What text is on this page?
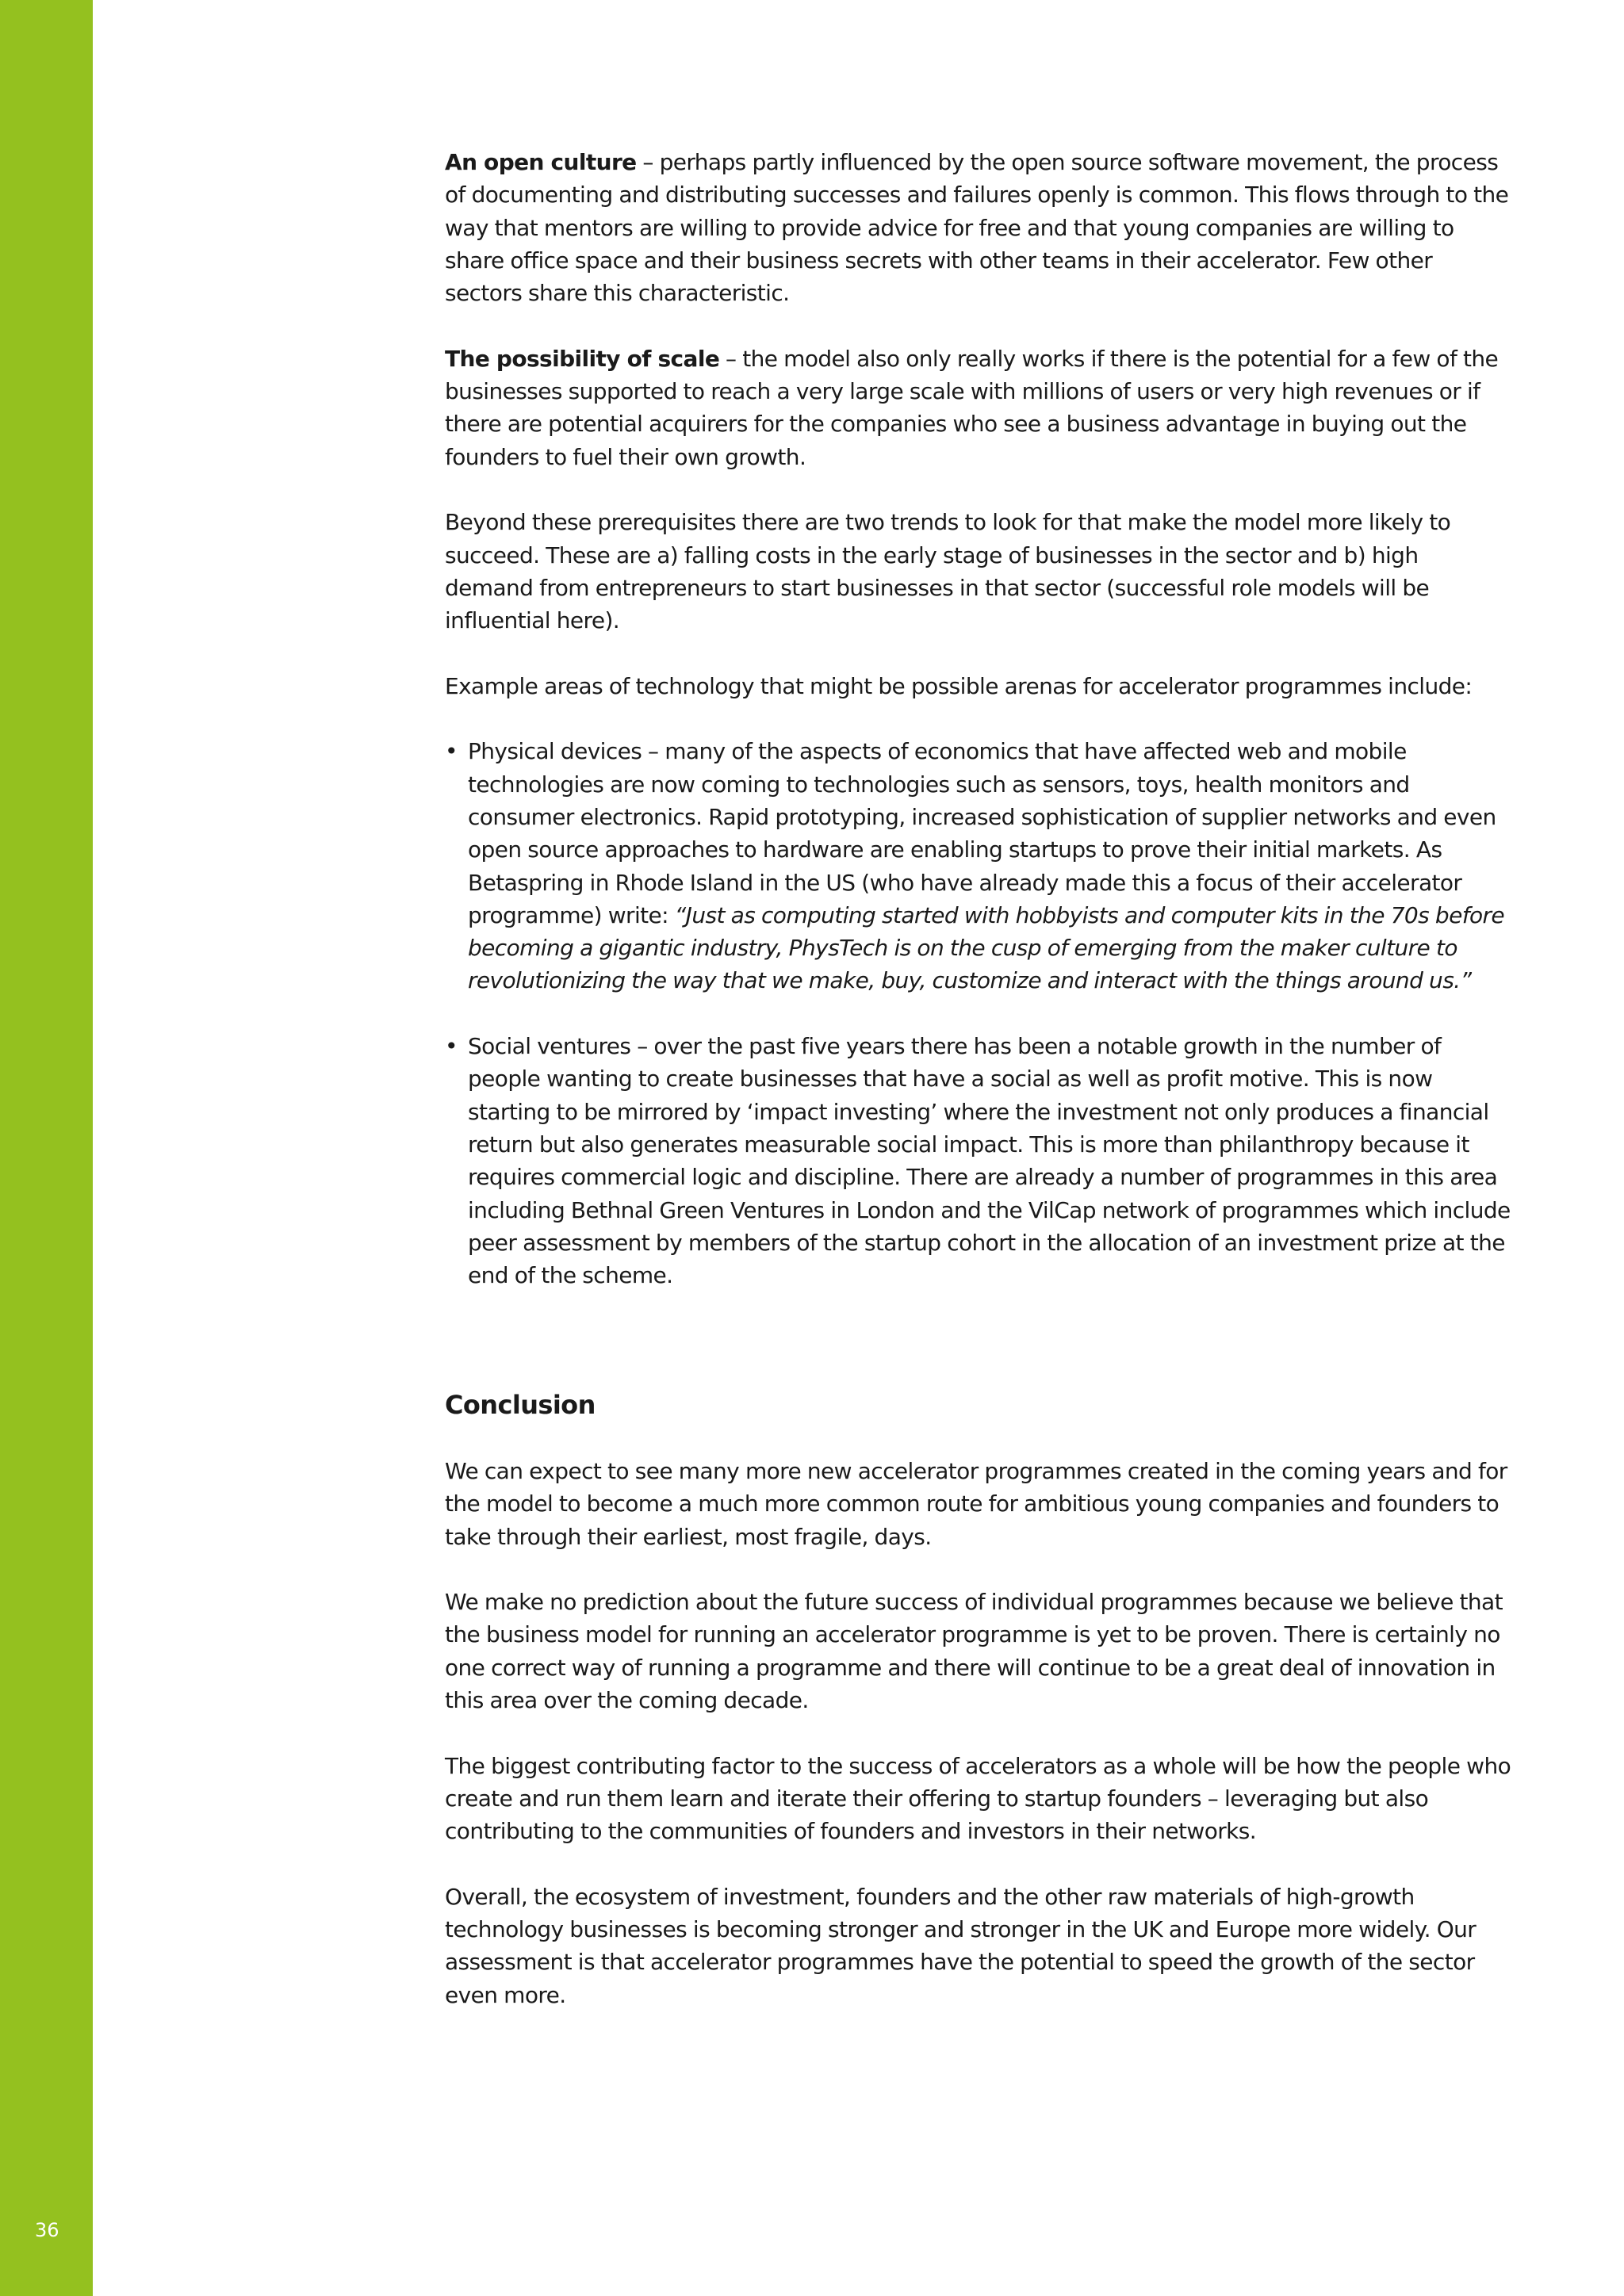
36

An open culture – perhaps partly influenced by the open source software movement, the process of documenting and distributing successes and failures openly is common. This flows through to the way that mentors are willing to provide advice for free and that young companies are willing to share office space and their business secrets with other teams in their accelerator. Few other sectors share this characteristic.

The possibility of scale – the model also only really works if there is the potential for a few of the businesses supported to reach a very large scale with millions of users or very high revenues or if there are potential acquirers for the companies who see a business advantage in buying out the founders to fuel their own growth.

Beyond these prerequisites there are two trends to look for that make the model more likely to succeed. These are a) falling costs in the early stage of businesses in the sector and b) high demand from entrepreneurs to start businesses in that sector (successful role models will be influential here).

Example areas of technology that might be possible arenas for accelerator programmes include:

• Physical devices – many of the aspects of economics that have affected web and mobile technologies are now coming to technologies such as sensors, toys, health monitors and consumer electronics. Rapid prototyping, increased sophistication of supplier networks and even open source approaches to hardware are enabling startups to prove their initial markets. As Betaspring in Rhode Island in the US (who have already made this a focus of their accelerator programme) write: “Just as computing started with hobbyists and computer kits in the 70s before becoming a gigantic industry, PhysTech is on the cusp of emerging from the maker culture to revolutionizing the way that we make, buy, customize and interact with the things around us.”
• Social ventures – over the past five years there has been a notable growth in the number of people wanting to create businesses that have a social as well as profit motive. This is now starting to be mirrored by ‘impact investing’ where the investment not only produces a financial return but also generates measurable social impact. This is more than philanthropy because it requires commercial logic and discipline. There are already a number of programmes in this area including Bethnal Green Ventures in London and the VilCap network of programmes which include peer assessment by members of the startup cohort in the allocation of an investment prize at the end of the scheme.
Conclusion

We can expect to see many more new accelerator programmes created in the coming years and for the model to become a much more common route for ambitious young companies and founders to take through their earliest, most fragile, days.

We make no prediction about the future success of individual programmes because we believe that the business model for running an accelerator programme is yet to be proven. There is certainly no one correct way of running a programme and there will continue to be a great deal of innovation in this area over the coming decade.

The biggest contributing factor to the success of accelerators as a whole will be how the people who create and run them learn and iterate their offering to startup founders – leveraging but also contributing to the communities of founders and investors in their networks.

Overall, the ecosystem of investment, founders and the other raw materials of high-growth technology businesses is becoming stronger and stronger in the UK and Europe more widely. Our assessment is that accelerator programmes have the potential to speed the growth of the sector even more.
